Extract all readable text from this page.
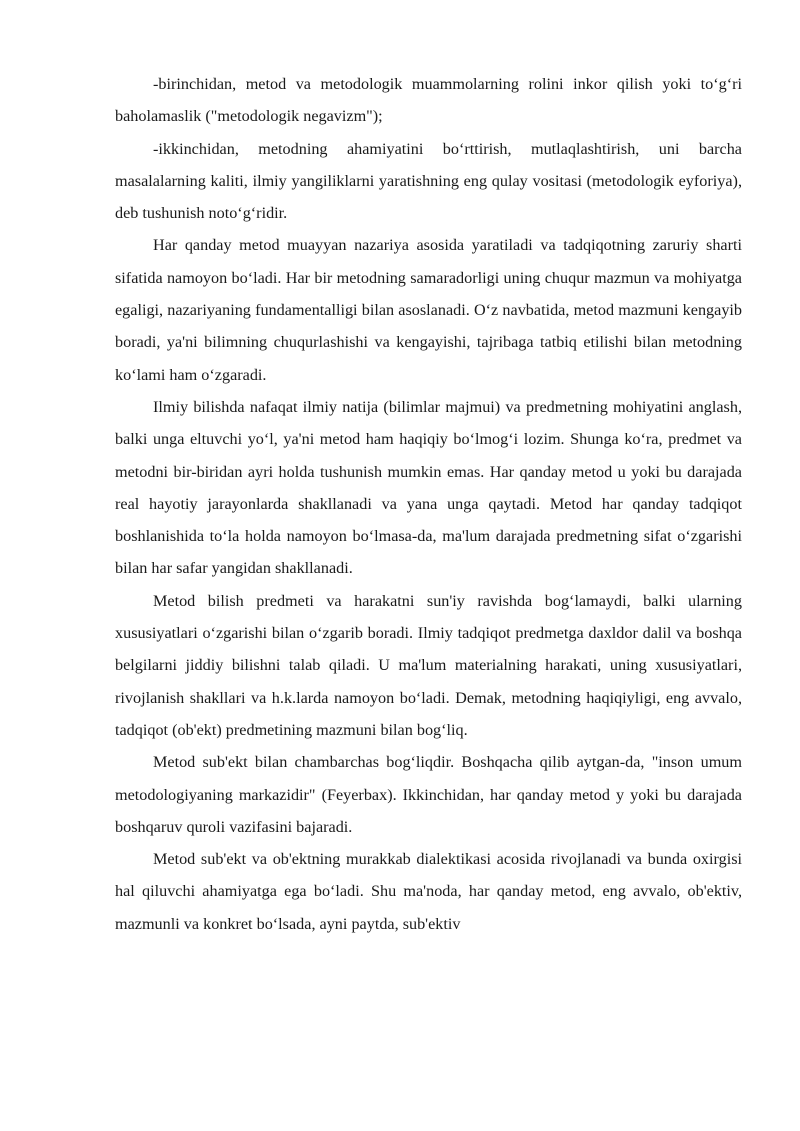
-birinchidan, metod va metodologik muammolarning rolini inkor qilish yoki to‘g‘ri baholamaslik ("metodologik negavizm");

-ikkinchidan, metodning ahamiyatini bo‘rttirish, mutlaqlashtirish, uni barcha masalalarning kaliti, ilmiy yangiliklarni yaratishning eng qulay vositasi (metodologik eyforiya), deb tushunish noto‘g‘ridir.

Har qanday metod muayyan nazariya asosida yaratiladi va tadqiqotning zaruriy sharti sifatida namoyon bo‘ladi. Har bir metodning samaradorligi uning chuqur mazmun va mohiyatga egaligi, nazariyaning fundamentalligi bilan asoslanadi. O‘z navbatida, metod mazmuni kengayib boradi, ya'ni bilimning chuqurlashishi va kengayishi, tajribaga tatbiq etilishi bilan metodning ko‘lami ham o‘zgaradi.

Ilmiy bilishda nafaqat ilmiy natija (bilimlar majmui) va predmetning mohiyatini anglash, balki unga eltuvchi yo‘l, ya'ni metod ham haqiqiy bo‘lmog‘i lozim. Shunga ko‘ra, predmet va metodni bir-biridan ayri holda tushunish mumkin emas. Har qanday metod u yoki bu darajada real hayotiy jarayonlarda shakllanadi va yana unga qaytadi. Metod har qanday tadqiqot boshlanishida to‘la holda namoyon bo‘lmasa-da, ma'lum darajada predmetning sifat o‘zgarishi bilan har safar yangidan shakllanadi.

Metod bilish predmeti va harakatni sun'iy ravishda bog‘lamaydi, balki ularning xususiyatlari o‘zgarishi bilan o‘zgarib boradi. Ilmiy tadqiqot predmetga daxldor dalil va boshqa belgilarni jiddiy bilishni talab qiladi. U ma'lum materialning harakati, uning xususiyatlari, rivojlanish shakllari va h.k.larda namoyon bo‘ladi. Demak, metodning haqiqiyligi, eng avvalo, tadqiqot (ob'ekt) predmetining mazmuni bilan bog‘liq.

Metod sub'ekt bilan chambarchas bog‘liqdir. Boshqacha qilib aytgan-da, "inson umum metodologiyaning markazidir" (Feyerbax). Ikkinchidan, har qanday metod y yoki bu darajada boshqaruv quroli vazifasini bajaradi.

Metod sub'ekt va ob'ektning murakkab dialektikasi acosida rivojlanadi va bunda oxirgisi hal qiluvchi ahamiyatga ega bo‘ladi. Shu ma'noda, har qanday metod, eng avvalo, ob'ektiv, mazmunli va konkret bo‘lsada, ayni paytda, sub'ektiv
